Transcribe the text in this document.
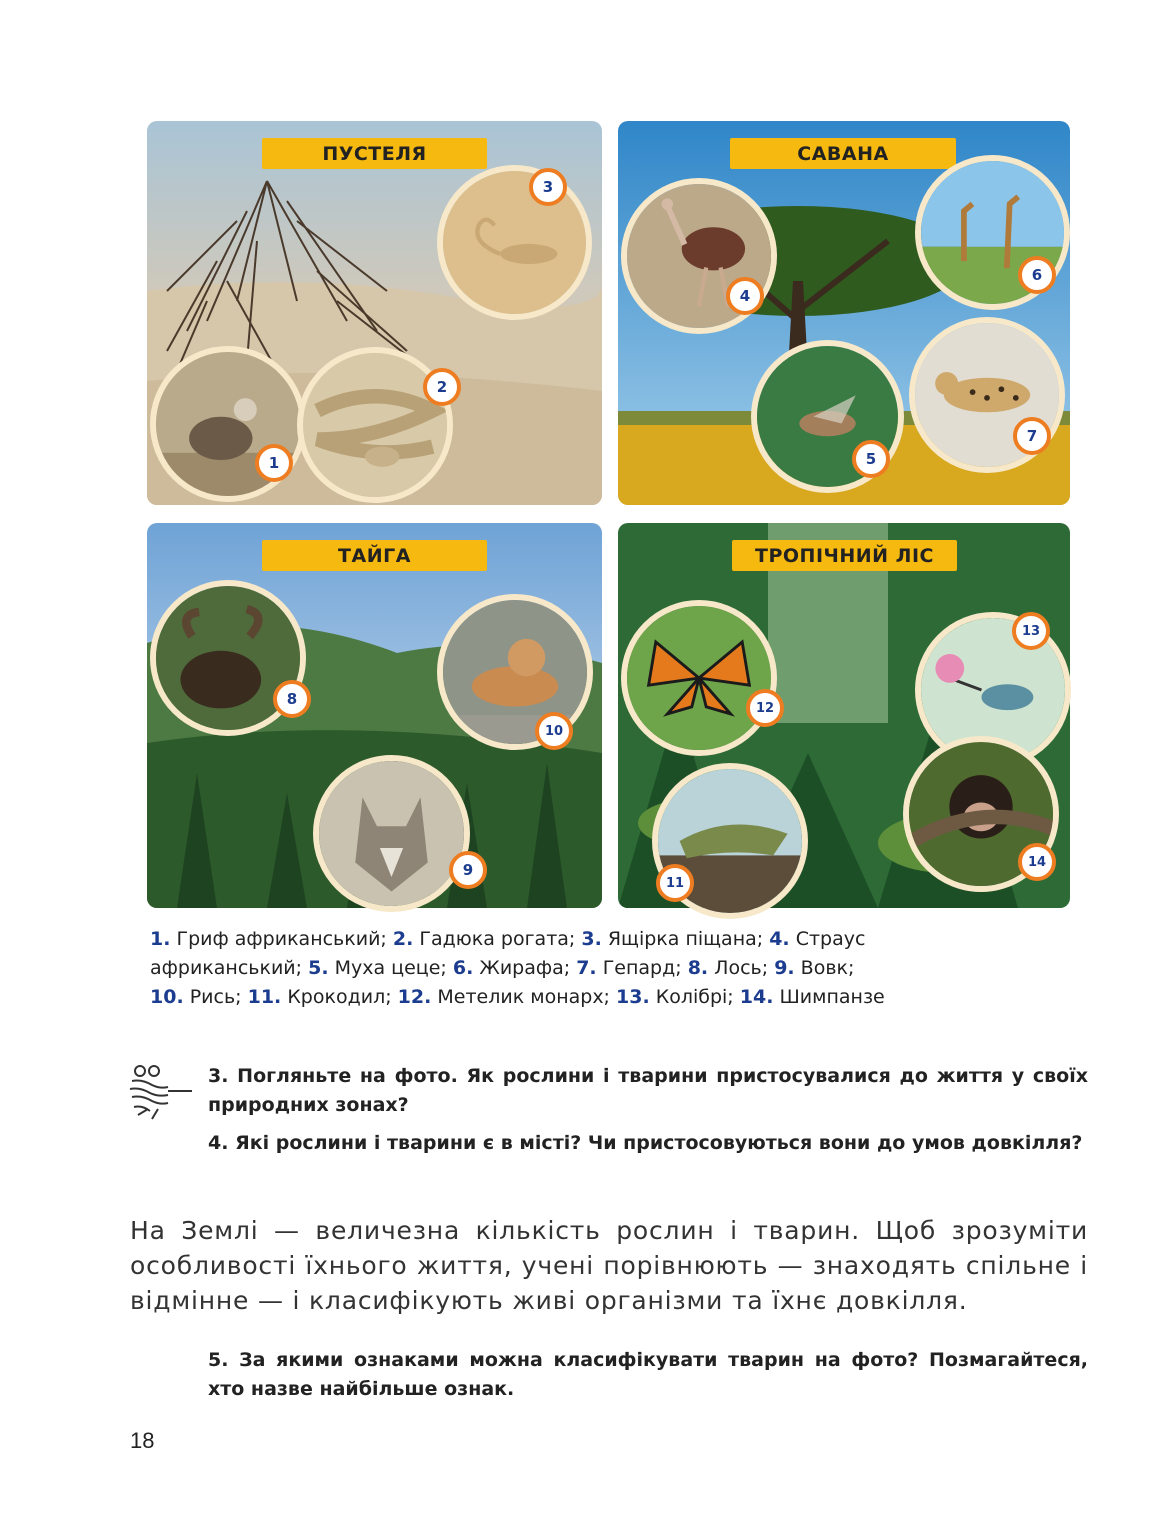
ПУСТЕЛЯ
1
2
3
САВАНА
4
6
5
7
ТАЙГА
8
10
9
ТРОПІЧНИЙ ЛІС
12
13
11
14
1. Гриф африканський; 2. Гадюка рогата; 3. Ящірка піщана; 4. Страус
африканський; 5. Муха цеце; 6. Жирафа; 7. Гепард; 8. Лось; 9. Вовк;
10. Рись; 11. Крокодил; 12. Метелик монарх; 13. Колібрі; 14. Шимпанзе
3. Погляньте на фото. Як рослини і тварини пристосувалися до життя у своїх природних зонах?
4. Які рослини і тварини є в місті? Чи пристосовуються вони до умов довкілля?
На Землі — величезна кількість рослин і тварин. Щоб зрозуміти особливості їхнього життя, учені порівнюють — знаходять спільне і відмінне — і класифікують живі організми та їхнє довкілля.
5. За якими ознаками можна класифікувати тварин на фото? Позмагайтеся, хто назве найбільше ознак.
18
